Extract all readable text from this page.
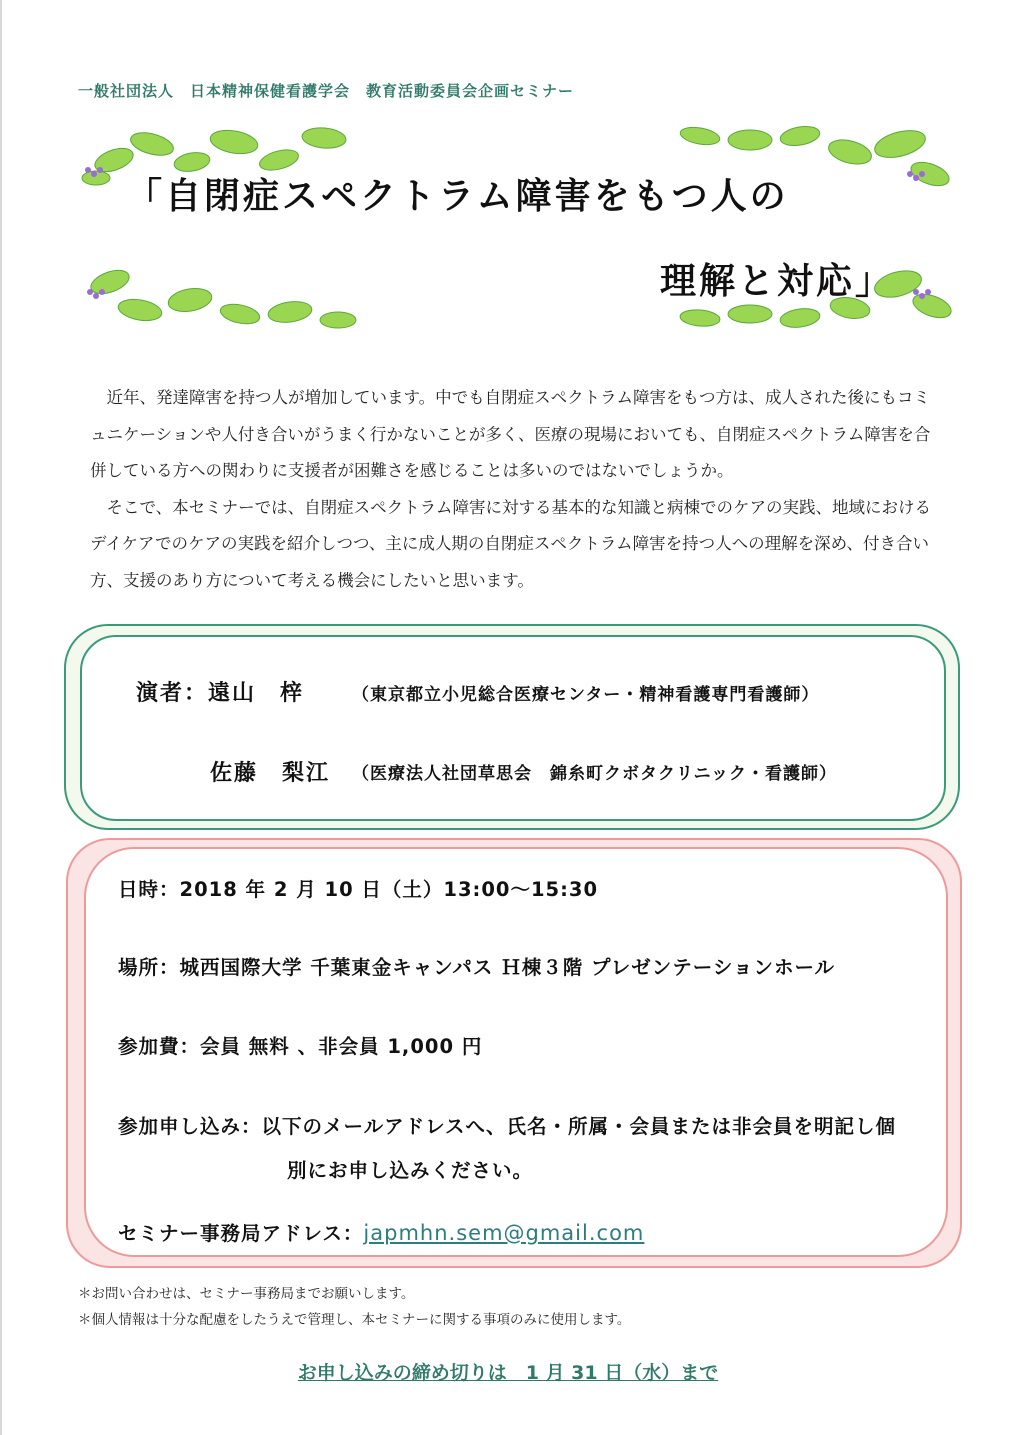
一般社団法人　日本精神保健看護学会　教育活動委員会企画セミナー
「自閉症スペクトラム障害をもつ人の
理解と対応」

近年、発達障害を持つ人が増加しています。中でも自閉症スペクトラム障害をもつ方は、成人された後にもコミュニケーションや人付き合いがうまく行かないことが多く、医療の現場においても、自閉症スペクトラム障害を合併している方への関わりに支援者が困難さを感じることは多いのではないでしょうか。

そこで、本セミナーでは、自閉症スペクトラム障害に対する基本的な知識と病棟でのケアの実践、地域におけるデイケアでのケアの実践を紹介しつつ、主に成人期の自閉症スペクトラム障害を持つ人への理解を深め、付き合い方、支援のあり方について考える機会にしたいと思います。

演者：遠山　梓	（東京都立小児総合医療センター・精神看護専門看護師）
佐藤　梨江 （医療法人社団草思会　錦糸町クボタクリニック・看護師）
日時：2018 年 2 月 10 日（土）13:00～15:30
場所：城西国際大学 千葉東金キャンパス Ｈ棟３階 プレゼンテーションホール
参加費：会員 無料 、非会員 1,000 円
参加申し込み：以下のメールアドレスへ、氏名・所属・会員または非会員を明記し個
別にお申し込みください。
セミナー事務局アドレス：japmhn.sem@gmail.com
＊お問い合わせは、セミナー事務局までお願いします。
＊個人情報は十分な配慮をしたうえで管理し、本セミナーに関する事項のみに使用します。
お申し込みの締め切りは　1 月 31 日（水）まで
